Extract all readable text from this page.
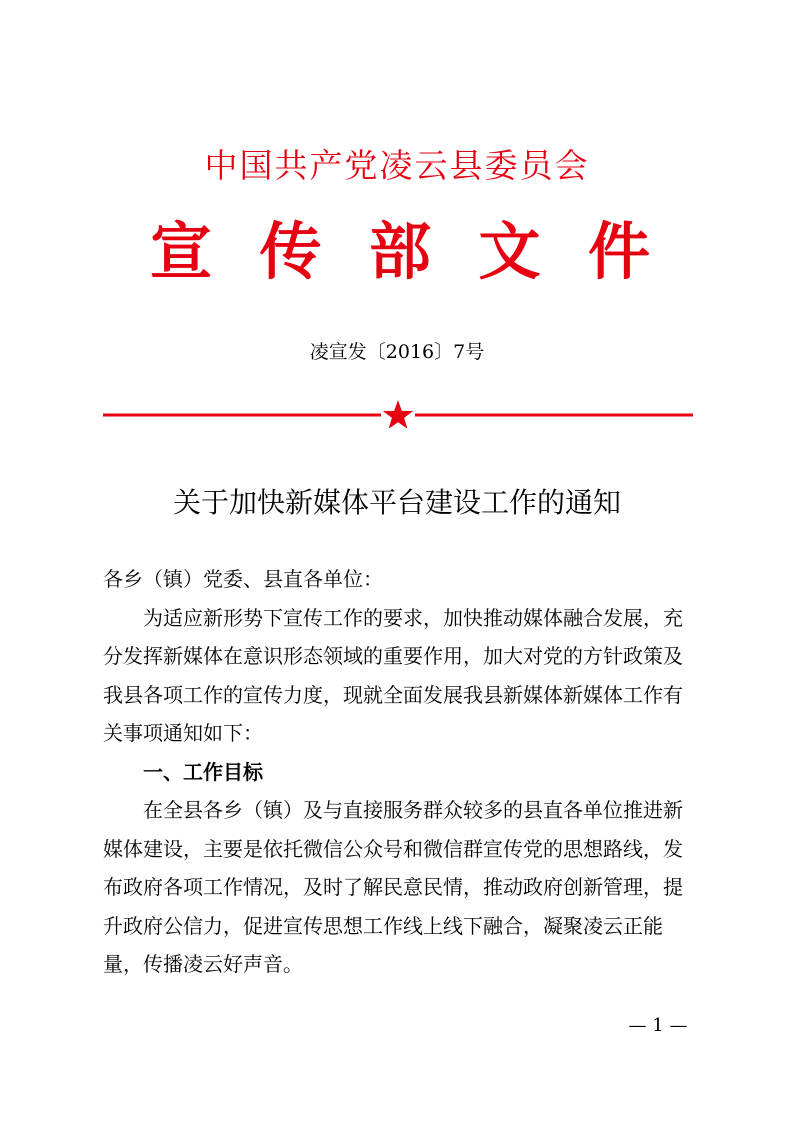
中国共产党凌云县委员会
宣 传 部 文 件
凌宣发〔2016〕7号
关于加快新媒体平台建设工作的通知

各乡（镇）党委、县直各单位：

为适应新形势下宣传工作的要求，加快推动媒体融合发展，充分发挥新媒体在意识形态领域的重要作用，加大对党的方针政策及我县各项工作的宣传力度，现就全面发展我县新媒体新媒体工作有关事项通知如下：

一、工作目标

在全县各乡（镇）及与直接服务群众较多的县直各单位推进新媒体建设，主要是依托微信公众号和微信群宣传党的思想路线，发布政府各项工作情况，及时了解民意民情，推动政府创新管理，提升政府公信力，促进宣传思想工作线上线下融合，凝聚凌云正能量，传播凌云好声音。

— 1 —
